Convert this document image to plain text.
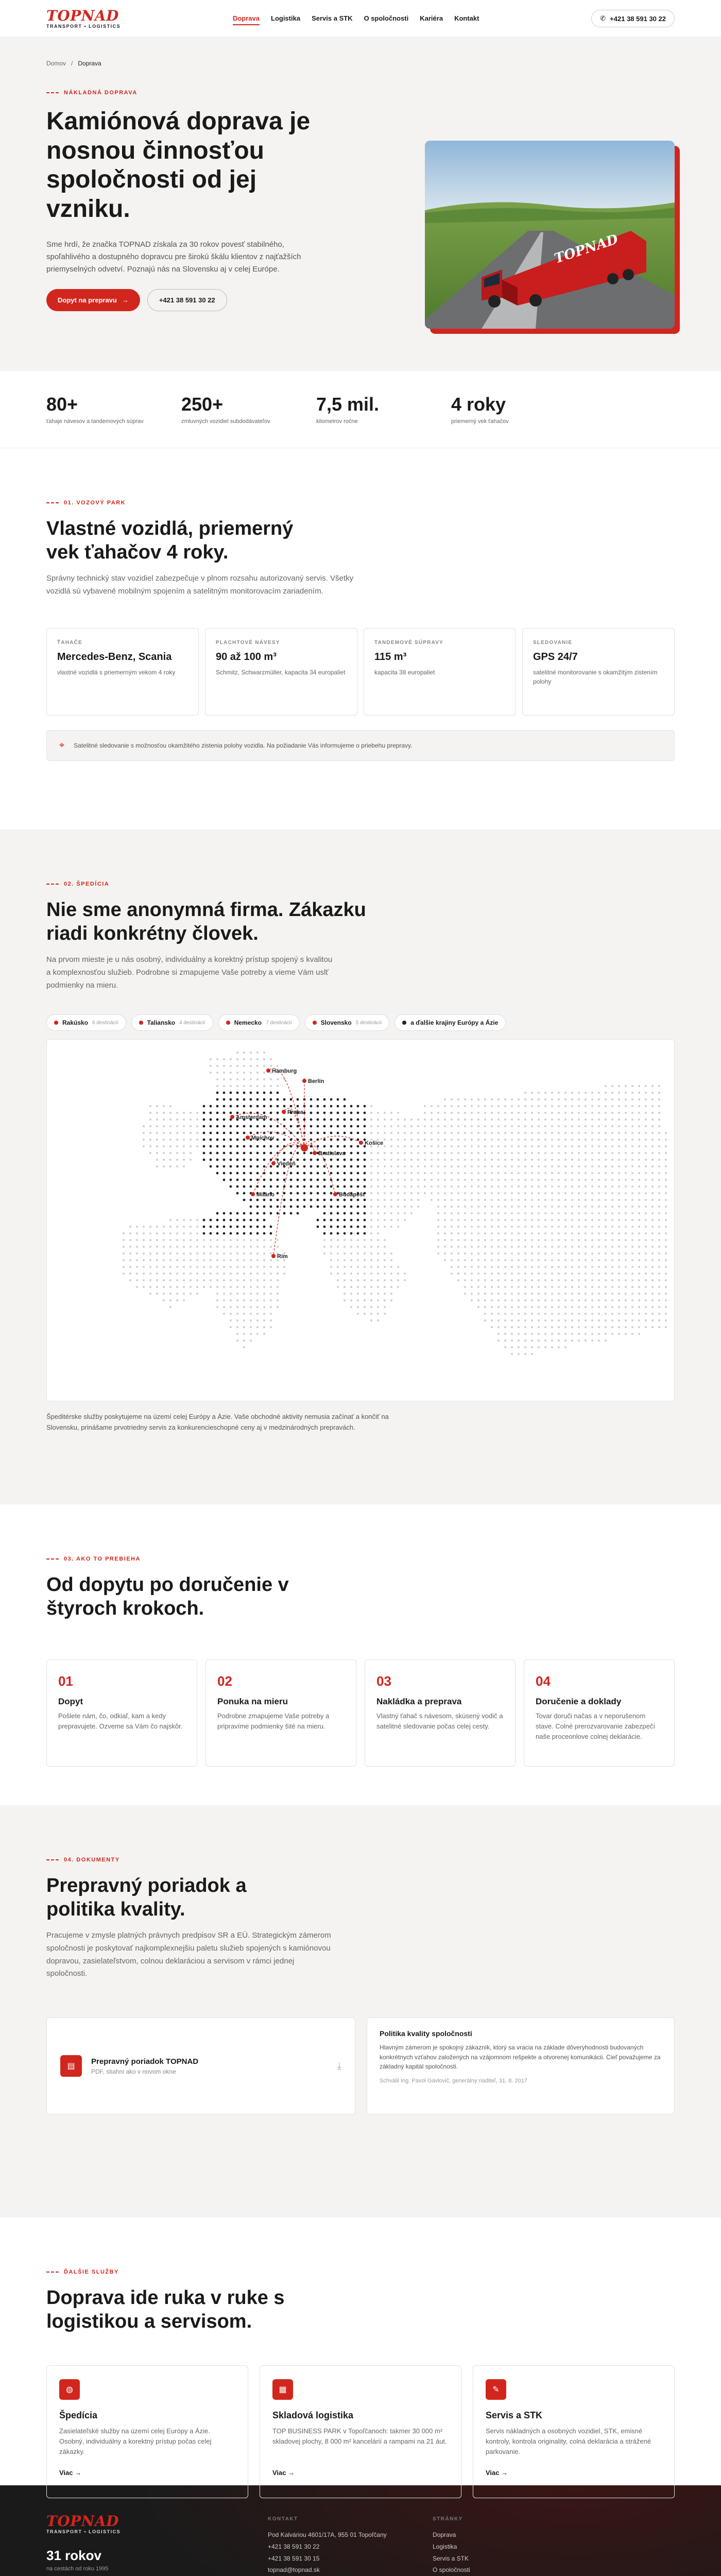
TOPNAD
TRANSPORT • LOGISTICS
Doprava Logistika Servis a STK O spoločnosti Kariéra Kontakt	✆ +421 38 591 30 22
Domov / Doprava
NÁKLADNÁ DOPRAVA
Kamiónová doprava je nosnou činnosťou spoločnosti od jej vzniku.

Sme hrdí, že značka TOPNAD získala za 30 rokov povesť stabilného, spoľahlivého a dostupného dopravcu pre širokú škálu klientov z najťažších priemyselných odvetví. Poznajú nás na Slovensku aj v celej Európe.

Dopyt na prepravu →	+421 38 591 30 22
TOPNAD
80+
ťahaje návesov a tandemových súprav
250+
zmluvných vozidiel subdodávateľov
7,5 mil.
kilometrov ročne
4 roky
priemerný vek ťahačov
01. VOZOVÝ PARK
Vlastné vozidlá, priemerný vek ťahačov 4 roky.

Správny technický stav vozidiel zabezpečuje v plnom rozsahu autorizovaný servis. Všetky vozidlá sú vybavené mobilným spojením a satelitným monitorovacím zariadením.

ŤAHAČE
Mercedes-Benz, Scania
vlastné vozidlá s priemerným vekom 4 roky
PLACHTOVÉ NÁVESY
90 až 100 m³
Schmitz, Schwarzmüller, kapacita 34 europaliet
TANDEMOVÉ SÚPRAVY
115 m³
kapacita 38 europaliet
SLEDOVANIE
GPS 24/7
satelitné monitorovanie s okamžitým zistením polohy
⌖ Satelitné sledovanie s možnosťou okamžitého zistenia polohy vozidla. Na požiadanie Vás informujeme o priebehu prepravy.
02. ŠPEDÍCIA
Nie sme anonymná firma. Zákazku riadi konkrétny človek.

Na prvom mieste je u nás osobný, individuálny a korektný prístup spojený s kvalitou a komplexnosťou služieb. Podrobne si zmapujeme Vaše potreby a vieme Vám uslť podmienky na mieru.

Rakúsko 6 destinácií	Taliansko 4 destinácií	Nemecko 7 destinácií	Slovensko 5 destinácií	a ďalšie krajiny Európy a Ázie
Hamburg
Berlín
Amsterdam
Praha
Mníchov
Viedeň
Bratislava
Košice
Miláno
Rím
Budapešť

Špeditérske služby poskytujeme na území celej Európy a Ázie. Vaše obchodné aktivity nemusia začínať a končiť na Slovensku, prinášame prvotriedny servis za konkurencieschopné ceny aj v medzinárodných prepravách.

03. AKO TO PREBIEHA
Od dopytu po doručenie v štyroch krokoch.
01
Dopyt
Pošlete nám, čo, odkiaľ, kam a kedy prepravujete. Ozveme sa Vám čo najskôr.
02
Ponuka na mieru
Podrobne zmapujeme Vaše potreby a pripravíme podmienky šité na mieru.
03
Nakládka a preprava
Vlastný ťahač s návesom, skúsený vodič a satelitné sledovanie počas celej cesty.
04
Doručenie a doklady
Tovar doruči načas a v neporušenom stave. Colné prerozvarovanie zabezpečí naše proceonlove colnej deklarácie.
04. DOKUMENTY
Prepravný poriadok a politika kvality.

Pracujeme v zmysle platných právnych predpisov SR a EÚ. Strategickým zámerom spoločnosti je poskytovať najkomplexnejšiu paletu služieb spojených s kamiónovou dopravou, zasielateľstvom, colnou deklaráciou a servisom v rámci jednej spoločnosti.

▤
Prepravný poriadok TOPNAD
PDF, stiahni ako v novom okne
⤓
Politika kvality spoločnosti
Hlavným zámerom je spokojný zákazník, ktorý sa vracia na základe dôveryhodnosti budovaných konkrétnych vzťahov založených na vzájomnom rešpekte a otvorenej komunikácii. Cieľ považujeme za základný kapitál spoločnosti.
Schválil Ing. Pavol Gavlovič, generálny riaditeľ, 31. 8. 2017
ĎALŠIE SLUŽBY
Doprava ide ruka v ruke s logistikou a servisom.
◍
Špedícia
Zasielateľské služby na území celej Európy a Ázie. Osobný, individuálny a korektný prístup počas celej zákazky.
Viac →
▦
Skladová logistika
TOP BUSINESS PARK v Topoľčanoch: takmer 30 000 m² skladovej plochy, 8 000 m² kancelárií a rampami na 21 áut.
Viac →
✎
Servis a STK
Servis nákladných a osobných vozidiel, STK, emisné kontroly, kontrola originality, colná deklarácia a strážené parkovanie.
Viac →
TOPNAD
TRANSPORT • LOGISTICS
31 rokov
na cestách od roku 1995
KONTAKT
Pod Kalváriou 4601/17A, 955 01 Topoľčany
+421 38 591 30 22
+421 38 591 30 15
topnad@topnad.sk
STRÁNKY
Doprava
Logistika
Servis a STK
O spoločnosti
